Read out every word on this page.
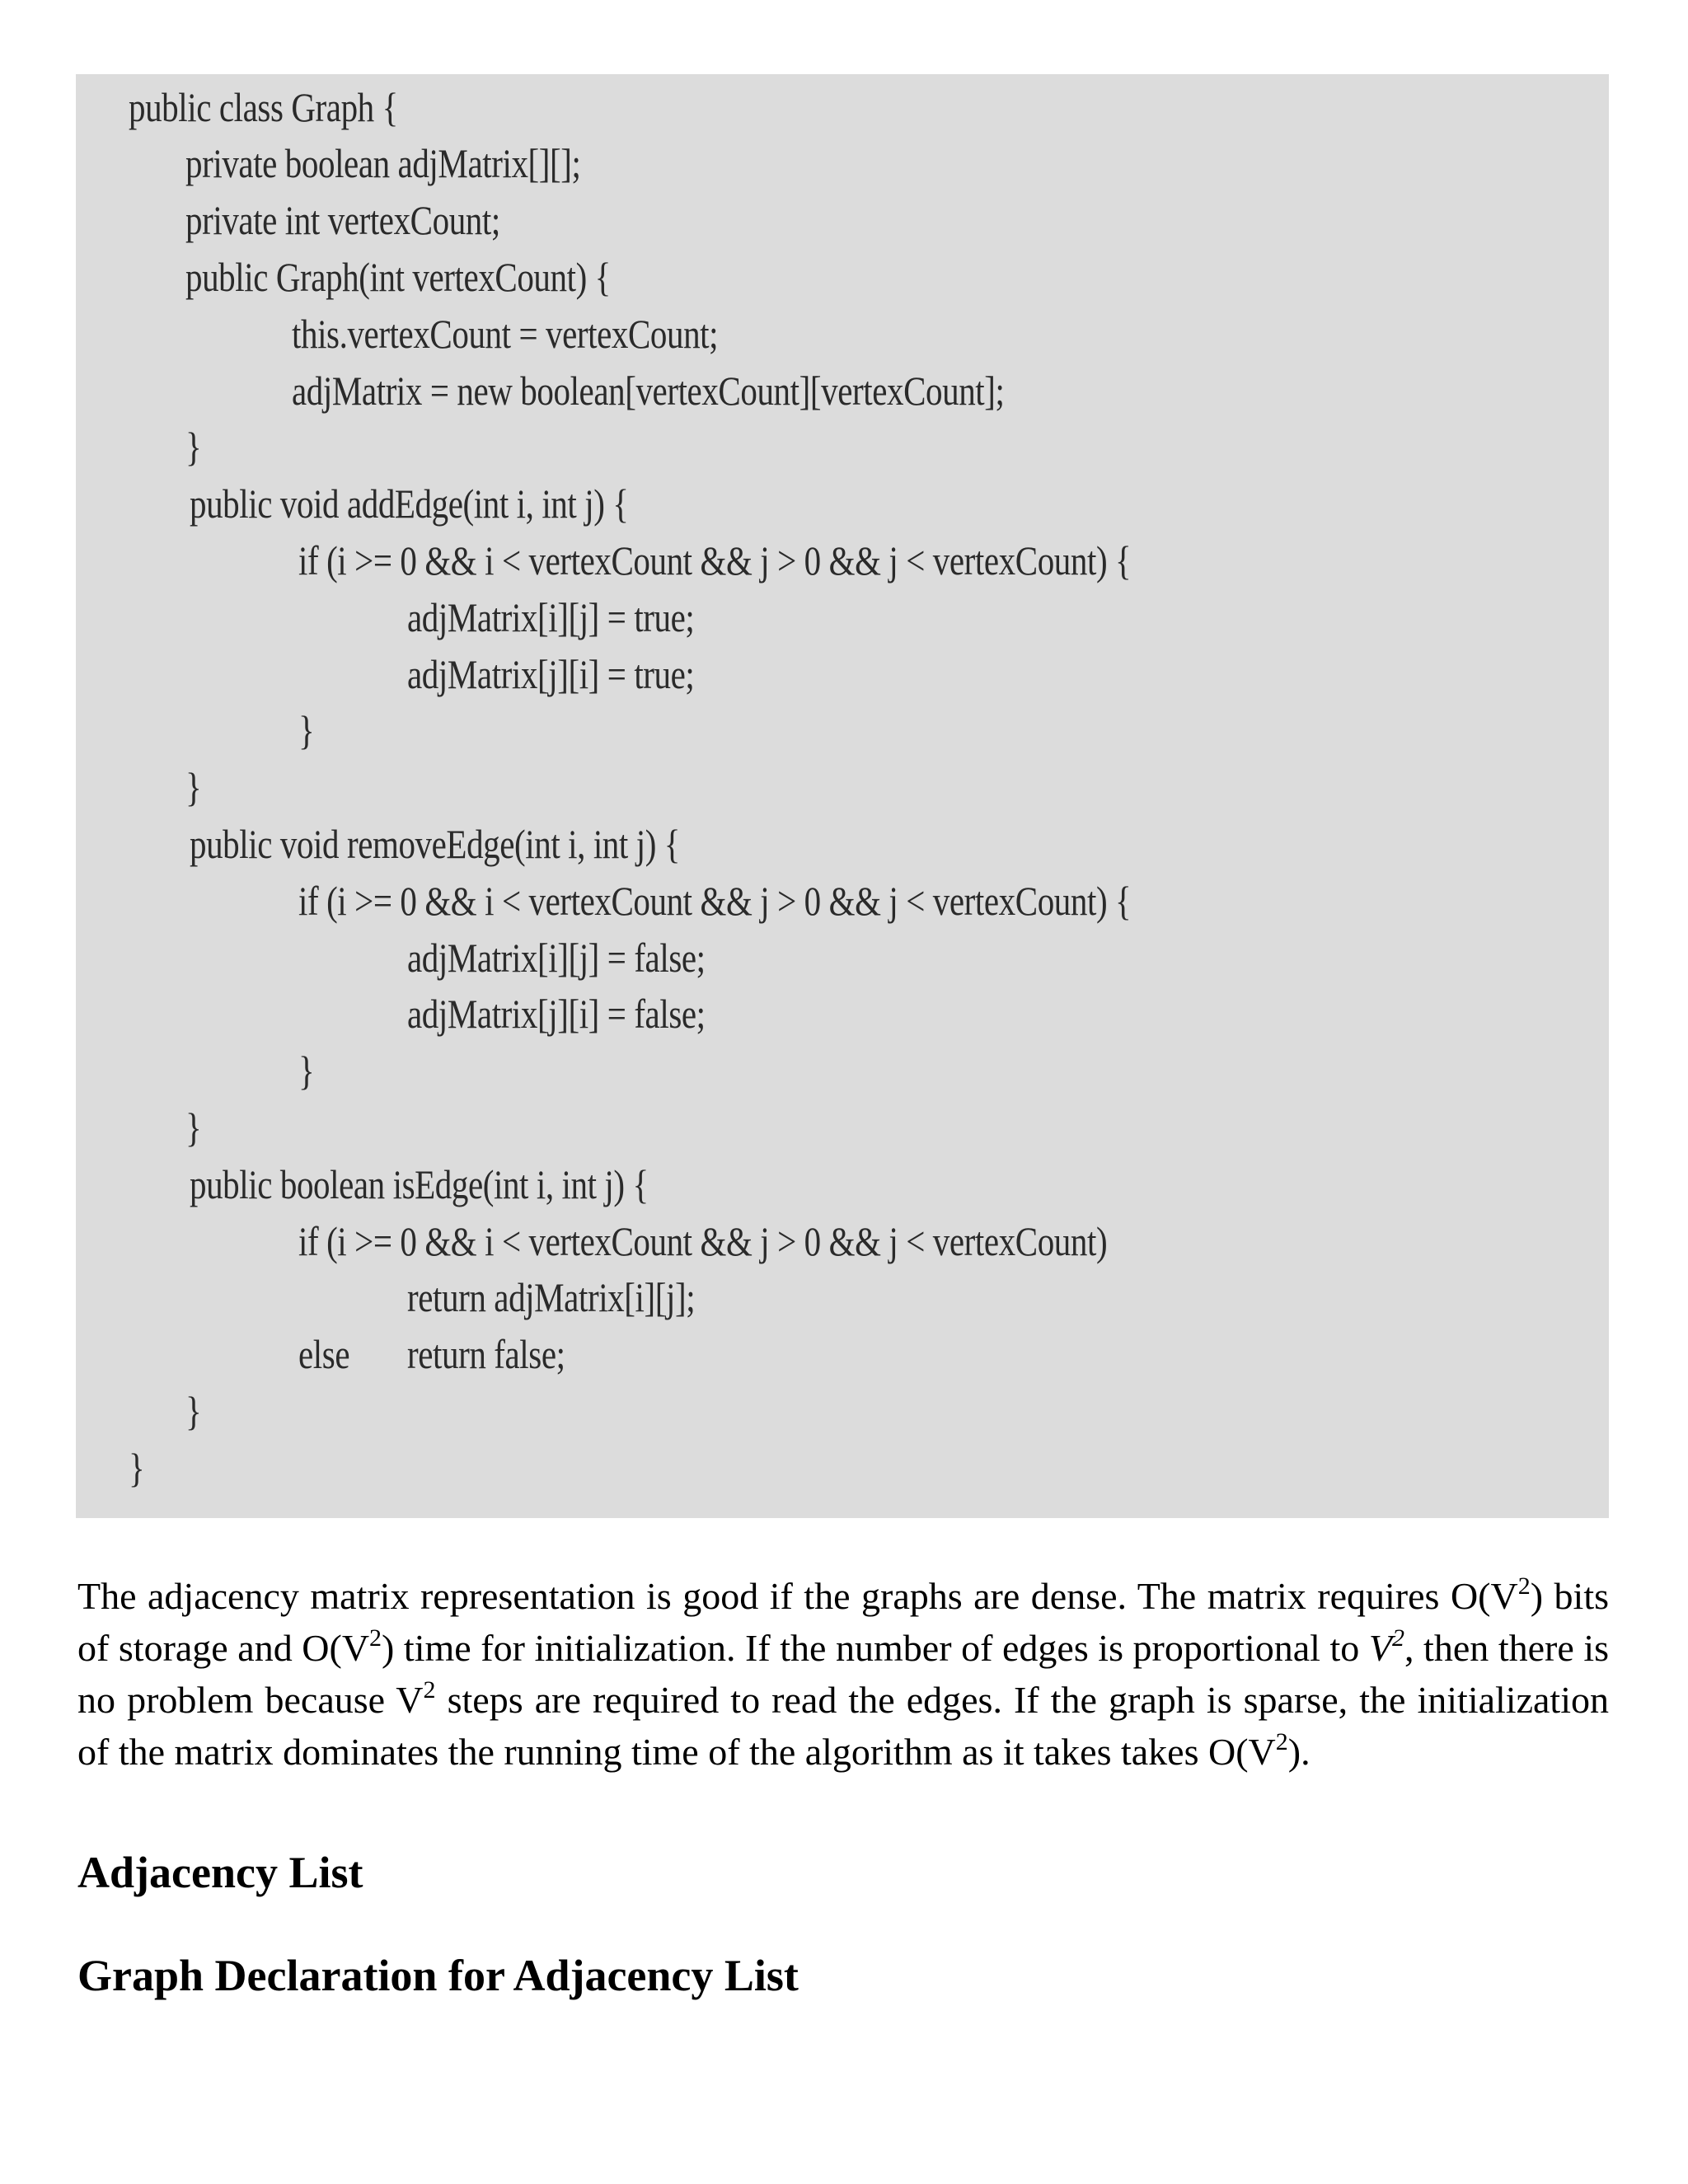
public class Graph {
private boolean adjMatrix[][];
private int vertexCount;
public Graph(int vertexCount) {
this.vertexCount = vertexCount;
adjMatrix = new boolean[vertexCount][vertexCount];
}
public void addEdge(int i, int j) {
if (i >= 0 && i < vertexCount && j > 0 && j < vertexCount) {
adjMatrix[i][j] = true;
adjMatrix[j][i] = true;
}
}
public void removeEdge(int i, int j) {
if (i >= 0 && i < vertexCount && j > 0 && j < vertexCount) {
adjMatrix[i][j] = false;
adjMatrix[j][i] = false;
}
}
public boolean isEdge(int i, int j) {
if (i >= 0 && i < vertexCount && j > 0 && j < vertexCount)
return adjMatrix[i][j];
else return false;
}
}

The adjacency matrix representation is good if the graphs are dense. The matrix requires $O(V^2)$ bits of storage and $O(V^2)$ time for initialization. If the number of edges is proportional to $V^2$, then there is no problem because $V^2$ steps are required to read the edges. If the graph is sparse, the initialization of the matrix dominates the running time of the algorithm as it takes takes $O(V^2)$.

Adjacency List
Graph Declaration for Adjacency List
